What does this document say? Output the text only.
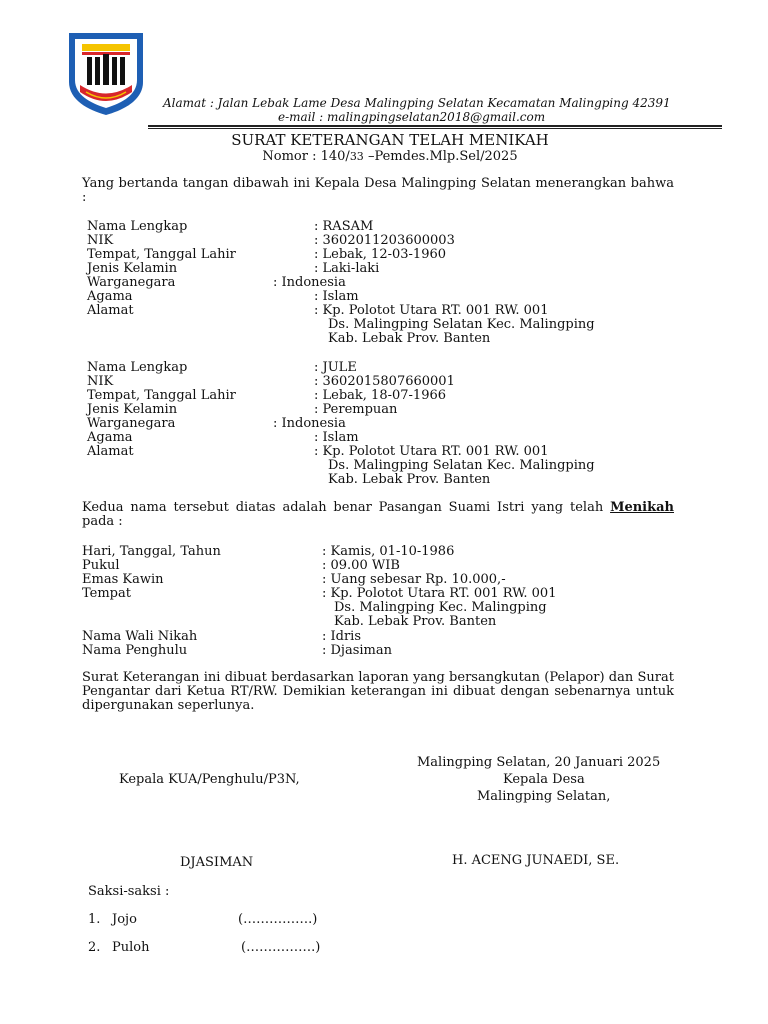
Alamat : Jalan Lebak Lame Desa Malingping Selatan Kecamatan Malingping 42391
e-mail : malingpingselatan2018@gmail.com
SURAT KETERANGAN TELAH MENIKAH
Nomor : 140/33 –Pemdes.Mlp.Sel/2025
Yang bertanda tangan dibawah ini Kepala Desa Malingping Selatan menerangkan bahwa :
Nama Lengkap	: RASAM
NIK	: 3602011203600003
Tempat, Tanggal Lahir	: Lebak, 12-03-1960
Jenis Kelamin	: Laki-laki
Warganegara	: Indonesia
Agama	: Islam
Alamat	: Kp. Polotot Utara RT. 001 RW. 001
Ds. Malingping Selatan Kec. Malingping
Kab. Lebak Prov. Banten
Nama Lengkap	: JULE
NIK	: 3602015807660001
Tempat, Tanggal Lahir	: Lebak, 18-07-1966
Jenis Kelamin	: Perempuan
Warganegara	: Indonesia
Agama	: Islam
Alamat	: Kp. Polotot Utara RT. 001 RW. 001
Ds. Malingping Selatan Kec. Malingping
Kab. Lebak Prov. Banten
Kedua nama tersebut diatas adalah benar Pasangan Suami Istri yang telah Menikah pada :
Hari, Tanggal, Tahun	: Kamis, 01-10-1986
Pukul	: 09.00 WIB
Emas Kawin	: Uang sebesar Rp. 10.000,-
Tempat	: Kp. Polotot Utara RT. 001 RW. 001
Ds. Malingping Kec. Malingping
Kab. Lebak Prov. Banten
Nama Wali Nikah	: Idris
Nama Penghulu	: Djasiman
Surat Keterangan ini dibuat berdasarkan laporan yang bersangkutan (Pelapor) dan Surat Pengantar dari Ketua RT/RW. Demikian keterangan ini dibuat dengan sebenarnya untuk dipergunakan seperlunya.
Malingping Selatan, 20 Januari 2025
Kepala Desa
Malingping Selatan,
Kepala KUA/Penghulu/P3N,
DJASIMAN	H. ACENG JUNAEDI, SE.
Saksi-saksi :
1. Jojo	(…………….)
2. Puloh	(…………….)
